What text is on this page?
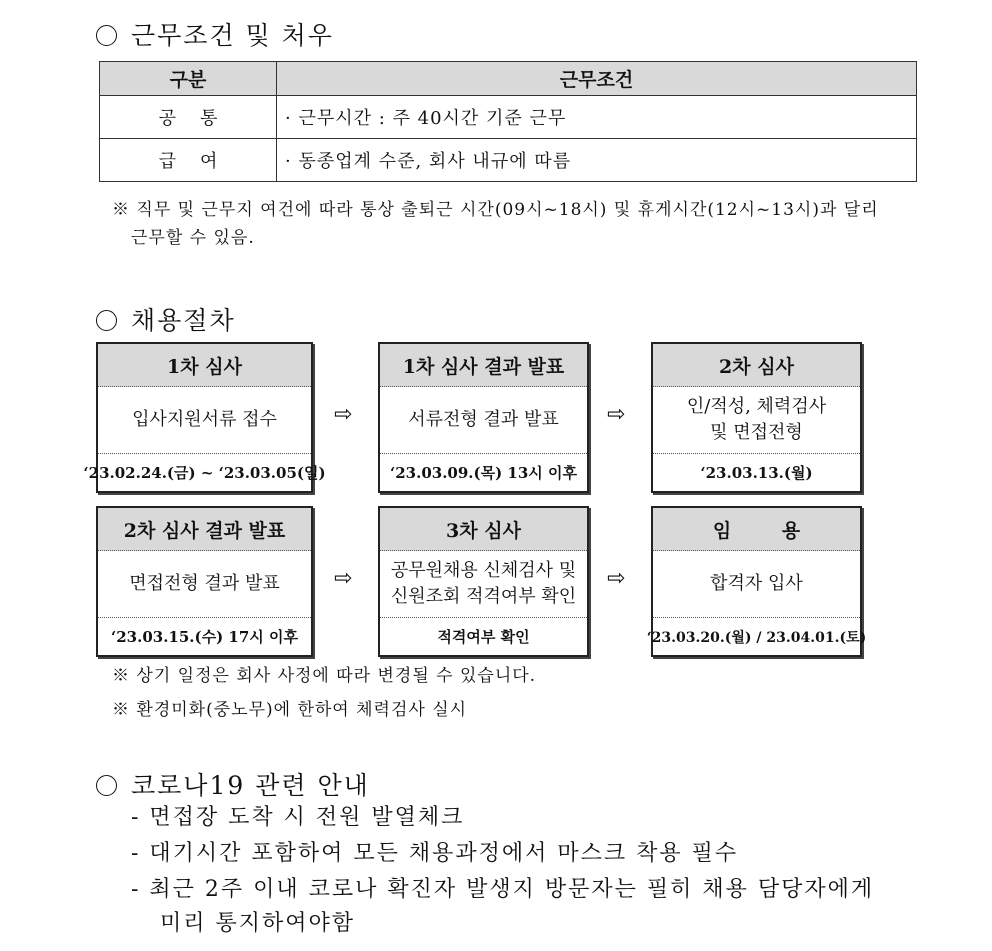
근무조건 및 처우
구분	근무조건
공통	· 근무시간 : 주 40시간 기준 근무
급여	· 동종업계 수준, 회사 내규에 따름
※ 직무 및 근무지 여건에 따라 통상 출퇴근 시간(09시~18시) 및 휴게시간(12시~13시)과 달리
근무할 수 있음.
채용절차
1차 심사
입사지원서류 접수
‘23.02.24.(금) ~ ‘23.03.05(일)
⇨
1차 심사 결과 발표
서류전형 결과 발표
‘23.03.09.(목) 13시 이후
⇨
2차 심사
인/적성, 체력검사
및 면접전형
‘23.03.13.(월)
2차 심사 결과 발표
면접전형 결과 발표
‘23.03.15.(수) 17시 이후
⇨
3차 심사
공무원채용 신체검사 및
신원조회 적격여부 확인
적격여부 확인
⇨
임 용
합격자 입사
‘23.03.20.(월) / 23.04.01.(토)
※ 상기 일정은 회사 사정에 따라 변경될 수 있습니다.
※ 환경미화(중노무)에 한하여 체력검사 실시
코로나19 관련 안내
- 면접장 도착 시 전원 발열체크
- 대기시간 포함하여 모든 채용과정에서 마스크 착용 필수
- 최근 2주 이내 코로나 확진자 발생지 방문자는 필히 채용 담당자에게
미리 통지하여야함
